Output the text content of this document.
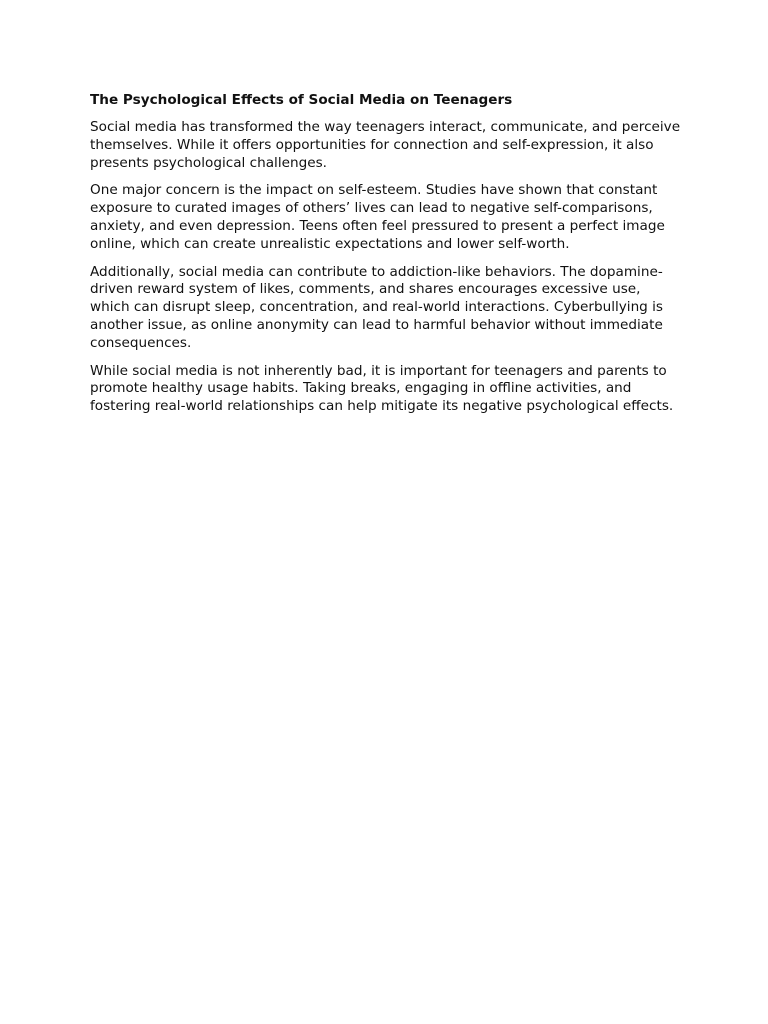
The Psychological Effects of Social Media on Teenagers

Social media has transformed the way teenagers interact, communicate, and perceive themselves. While it offers opportunities for connection and self-expression, it also presents psychological challenges.

One major concern is the impact on self-esteem. Studies have shown that constant exposure to curated images of others’ lives can lead to negative self-comparisons, anxiety, and even depression. Teens often feel pressured to present a perfect image online, which can create unrealistic expectations and lower self-worth.

Additionally, social media can contribute to addiction-like behaviors. The dopamine-driven reward system of likes, comments, and shares encourages excessive use, which can disrupt sleep, concentration, and real-world interactions. Cyberbullying is another issue, as online anonymity can lead to harmful behavior without immediate consequences.

While social media is not inherently bad, it is important for teenagers and parents to promote healthy usage habits. Taking breaks, engaging in offline activities, and fostering real-world relationships can help mitigate its negative psychological effects.
